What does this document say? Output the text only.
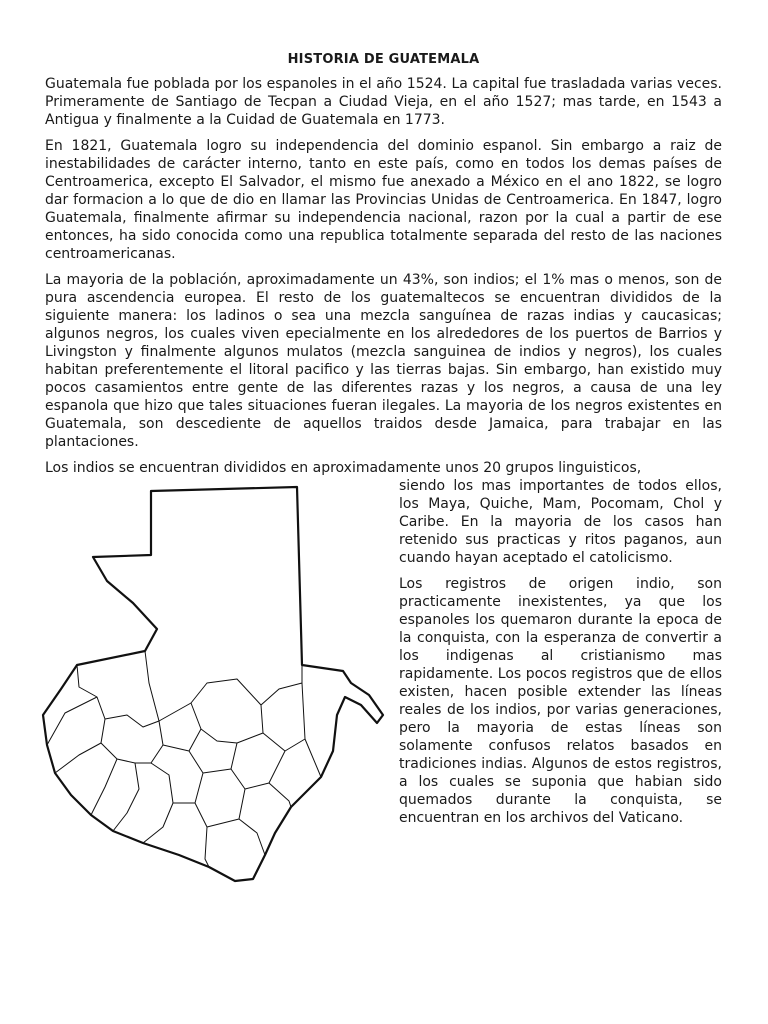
HISTORIA DE GUATEMALA

Guatemala fue poblada por los espanoles in el año 1524. La capital fue trasladada varias veces. Primeramente de Santiago de Tecpan a Ciudad Vieja, en el año 1527; mas tarde, en 1543 a Antigua y finalmente a la Cuidad de Guatemala en 1773.

En 1821, Guatemala logro su independencia del dominio espanol. Sin embargo a raiz de inestabilidades de carácter interno, tanto en este país, como en todos los demas países de Centroamerica, excepto El Salvador, el mismo fue anexado a México en el ano 1822, se logro dar formacion a lo que de dio en llamar las Provincias Unidas de Centroamerica. En 1847, logro Guatemala, finalmente afirmar su independencia nacional, razon por la cual a partir de ese entonces, ha sido conocida como una republica totalmente separada del resto de las naciones centroamericanas.

La mayoria de la población, aproximadamente un 43%, son indios; el 1% mas o menos, son de pura ascendencia europea. El resto de los guatemaltecos se encuentran divididos de la siguiente manera: los ladinos o sea una mezcla sanguínea de razas indias y caucasicas; algunos negros, los cuales viven epecialmente en los alrededores de los puertos de Barrios y Livingston y finalmente algunos mulatos (mezcla sanguinea de indios y negros), los cuales habitan preferentemente el litoral pacifico y las tierras bajas. Sin embargo, han existido muy pocos casamientos entre gente de las diferentes razas y los negros, a causa de una ley espanola que hizo que tales situaciones fueran ilegales. La mayoria de los negros existentes en Guatemala, son descediente de aquellos traidos desde Jamaica, para trabajar en las plantaciones.

Los indios se encuentran divididos en aproximadamente unos 20 grupos linguisticos,

siendo los mas importantes de todos ellos, los Maya, Quiche, Mam, Pocomam, Chol y Caribe. En la mayoria de los casos han retenido sus practicas y ritos paganos, aun cuando hayan aceptado el catolicismo.

Los registros de origen indio, son practicamente inexistentes, ya que los espanoles los quemaron durante la epoca de la conquista, con la esperanza de convertir a los indigenas al cristianismo mas rapidamente. Los pocos registros que de ellos existen, hacen posible extender las líneas reales de los indios, por varias generaciones, pero la mayoria de estas líneas son solamente confusos relatos basados en tradiciones indias. Algunos de estos registros, a los cuales se suponia que habian sido quemados durante la conquista, se encuentran en los archivos del Vaticano.
